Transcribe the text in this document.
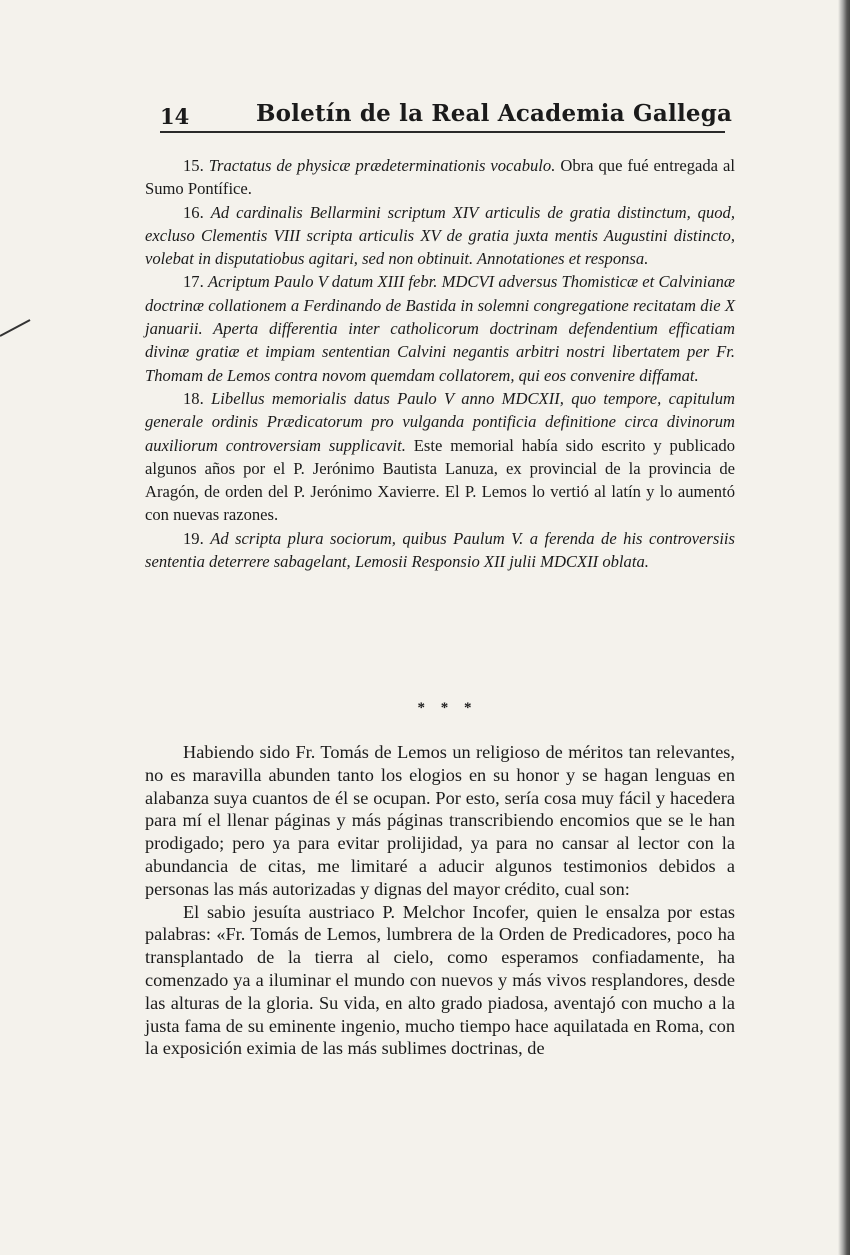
14	Boletín de la Real Academia Gallega

15. Tractatus de physicæ prædeterminationis vocabulo. Obra que fué entregada al Sumo Pontífice.

16. Ad cardinalis Bellarmini scriptum XIV articulis de gratia distinctum, quod, excluso Clementis VIII scripta articulis XV de gratia juxta mentis Augustini distincto, volebat in disputatiobus agitari, sed non obtinuit. Annotationes et responsa.

17. Acriptum Paulo V datum XIII febr. MDCVI adversus Thomisticæ et Calvinianæ doctrinæ collationem a Ferdinando de Bastida in solemni congregatione recitatam die X januarii. Aperta differentia inter catholicorum doctrinam defendentium efficatiam divinæ gratiæ et impiam sententian Calvini negantis arbitri nostri libertatem per Fr. Thomam de Lemos contra novom quemdam collatorem, qui eos convenire diffamat.

18. Libellus memorialis datus Paulo V anno MDCXII, quo tempore, capitulum generale ordinis Prædicatorum pro vulganda pontificia definitione circa divinorum auxiliorum controversiam supplicavit. Este memorial había sido escrito y publicado algunos años por el P. Jerónimo Bautista Lanuza, ex provincial de la provincia de Aragón, de orden del P. Jerónimo Xavierre. El P. Lemos lo vertió al latín y lo aumentó con nuevas razones.

19. Ad scripta plura sociorum, quibus Paulum V. a ferenda de his controversiis sententia deterrere sabagelant, Lemosii Responsio XII julii MDCXII oblata.

* * *

Habiendo sido Fr. Tomás de Lemos un religioso de méritos tan relevantes, no es maravilla abunden tanto los elogios en su honor y se hagan lenguas en alabanza suya cuantos de él se ocupan. Por esto, sería cosa muy fácil y hacedera para mí el llenar páginas y más páginas transcribiendo encomios que se le han prodigado; pero ya para evitar prolijidad, ya para no cansar al lector con la abundancia de citas, me limitaré a aducir algunos testimonios debidos a personas las más autorizadas y dignas del mayor crédito, cual son:

El sabio jesuíta austriaco P. Melchor Incofer, quien le ensalza por estas palabras: «Fr. Tomás de Lemos, lumbrera de la Orden de Predicadores, poco ha transplantado de la tierra al cielo, como esperamos confiadamente, ha comenzado ya a iluminar el mundo con nuevos y más vivos resplandores, desde las alturas de la gloria. Su vida, en alto grado piadosa, aventajó con mucho a la justa fama de su eminente ingenio, mucho tiempo hace aquilatada en Roma, con la exposición eximia de las más sublimes doctrinas, de
